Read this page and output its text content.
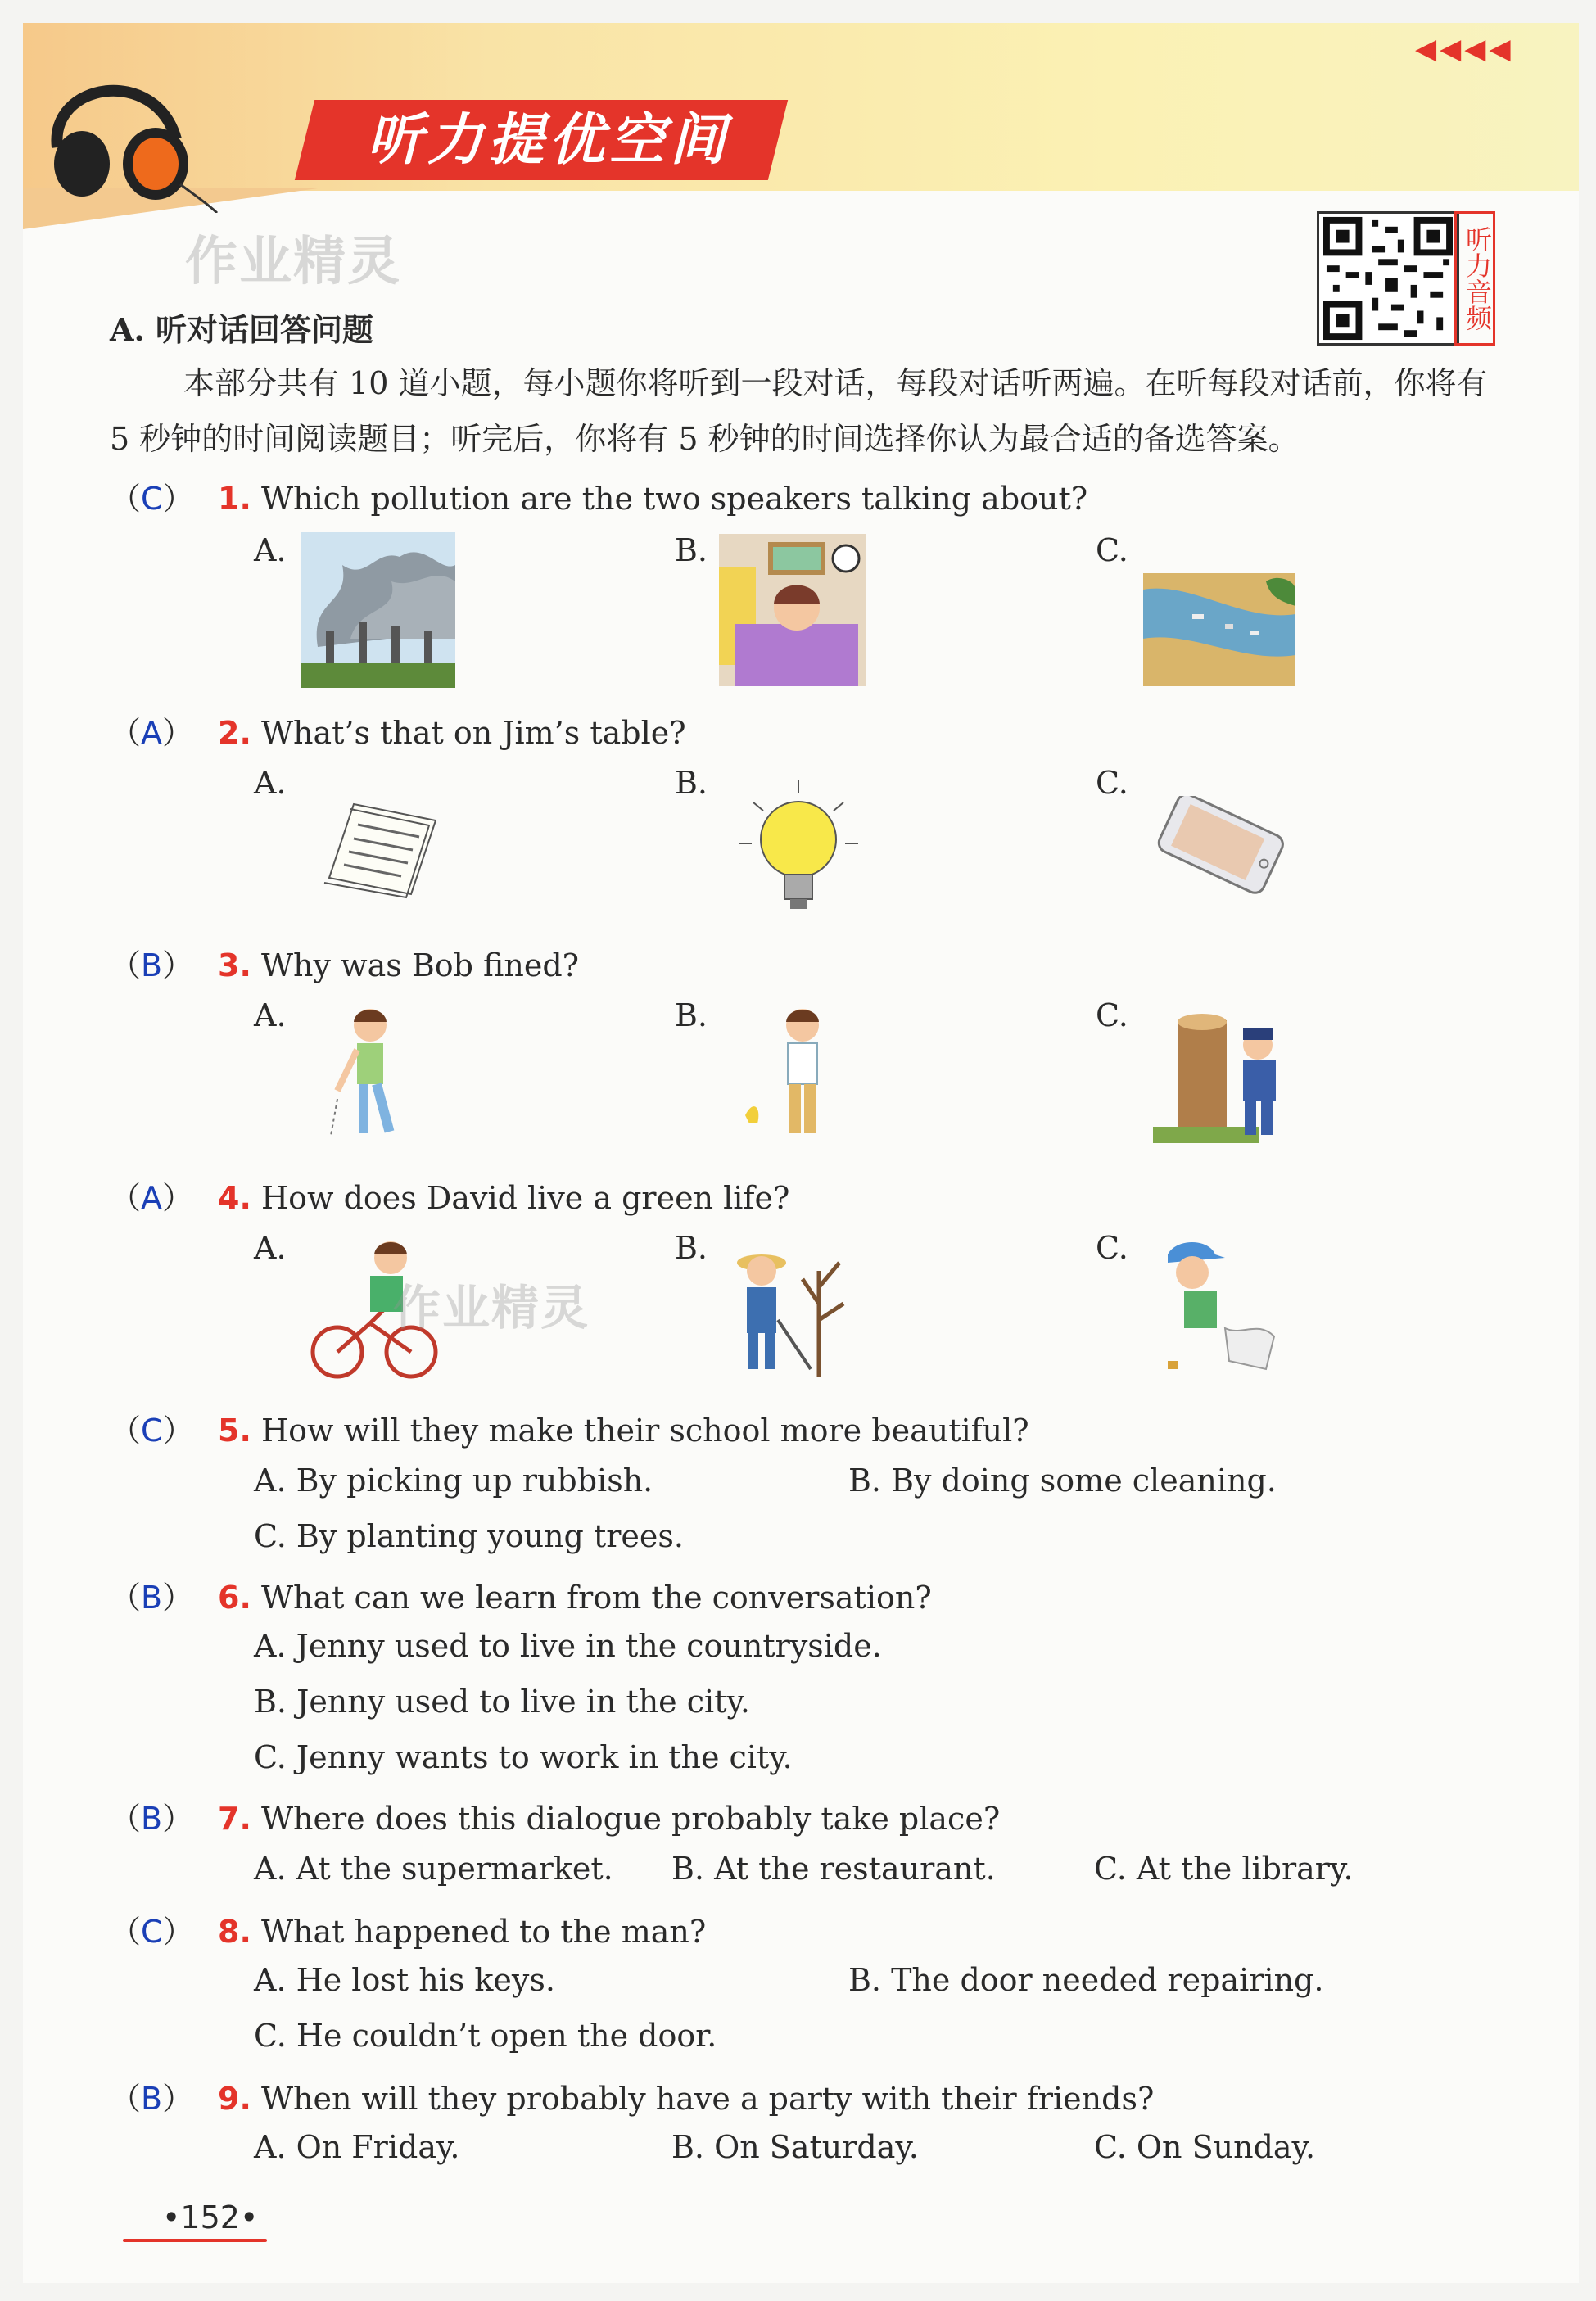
听力提优空间
◀◀◀◀
作业精灵	听力音频
A. 听对话回答问题
本部分共有 10 道小题，每小题你将听到一段对话，每段对话听两遍。在听每段对话前，你将有 5 秒钟的时间阅读题目；听完后，你将有 5 秒钟的时间选择你认为最合适的备选答案。
（C） 1. Which pollution are the two speakers talking about?
A.	B.	C.
（A） 2. What’s that on Jim’s table?
A.	B.	C.
（B） 3. Why was Bob fined?
A.	B.	C.
（A） 4. How does David live a green life?
A.	B.	C.
作业精灵
（C） 5. How will they make their school more beautiful?
A. By picking up rubbish.	B. By doing some cleaning.
C. By planting young trees.
（B） 6. What can we learn from the conversation?
A. Jenny used to live in the countryside.
B. Jenny used to live in the city.
C. Jenny wants to work in the city.
（B） 7. Where does this dialogue probably take place?
A. At the supermarket. B. At the restaurant.	C. At the library.
（C） 8. What happened to the man?
A. He lost his keys.	B. The door needed repairing.
C. He couldn’t open the door.
（B） 9. When will they probably have a party with their friends?
A. On Friday.	B. On Saturday.	C. On Sunday.
•152•
